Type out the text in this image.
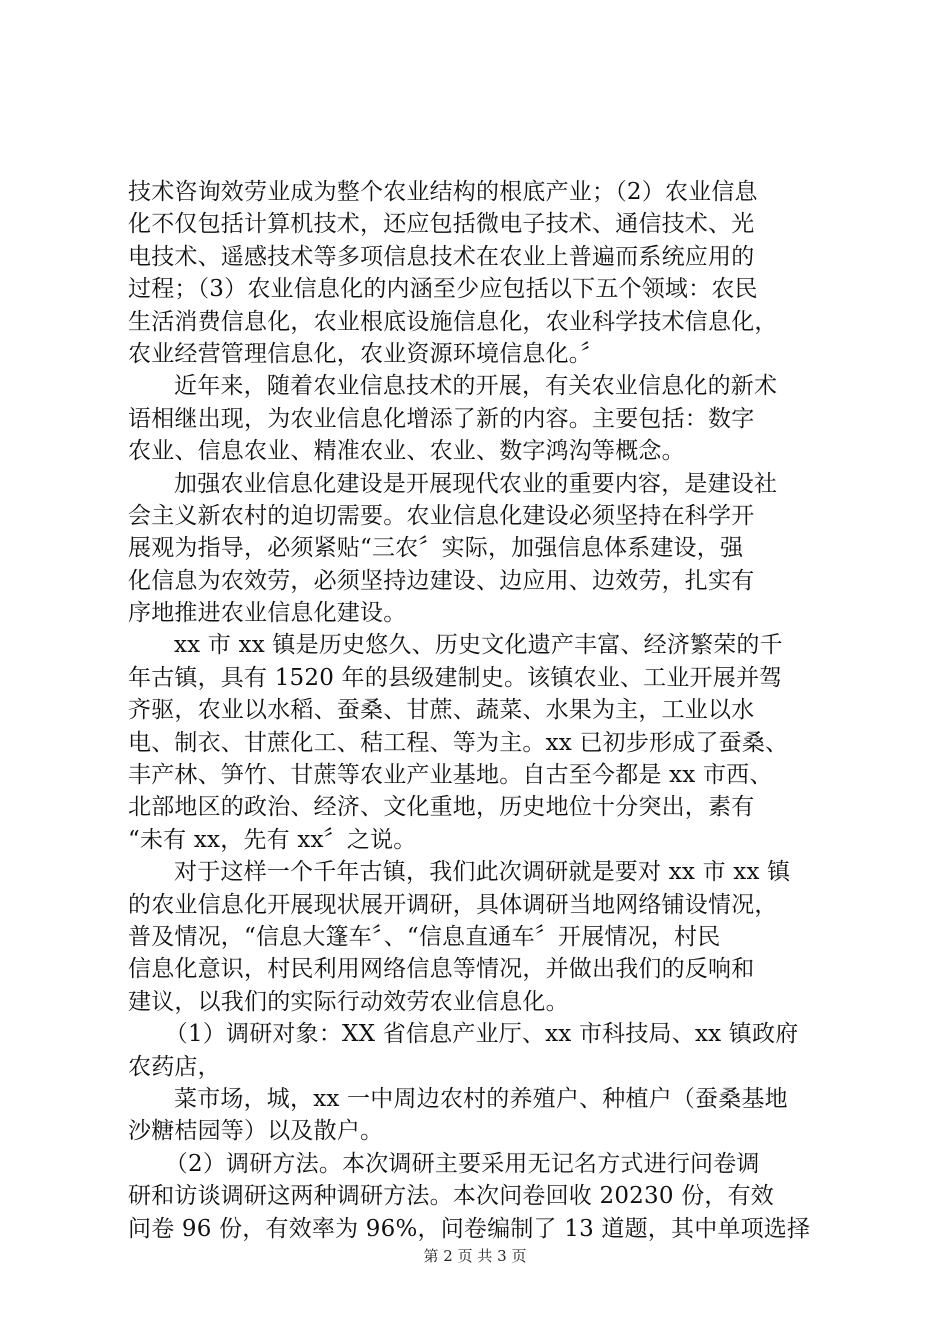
技术咨询效劳业成为整个农业结构的根底产业；（2）农业信息
化不仅包括计算机技术，还应包括微电子技术、通信技术、光
电技术、遥感技术等多项信息技术在农业上普遍而系统应用的
过程；（3）农业信息化的内涵至少应包括以下五个领域：农民
生活消费信息化，农业根底设施信息化，农业科学技术信息化，
农业经营管理信息化，农业资源环境信息化。〞
近年来，随着农业信息技术的开展，有关农业信息化的新术
语相继出现，为农业信息化增添了新的内容。主要包括：数字
农业、信息农业、精准农业、农业、数字鸿沟等概念。
加强农业信息化建设是开展现代农业的重要内容，是建设社
会主义新农村的迫切需要。农业信息化建设必须坚持在科学开
展观为指导，必须紧贴“三农〞实际，加强信息体系建设，强
化信息为农效劳，必须坚持边建设、边应用、边效劳，扎实有
序地推进农业信息化建设。
xx 市 xx 镇是历史悠久、历史文化遗产丰富、经济繁荣的千
年古镇，具有 1520 年的县级建制史。该镇农业、工业开展并驾
齐驱，农业以水稻、蚕桑、甘蔗、蔬菜、水果为主，工业以水
电、制衣、甘蔗化工、秸工程、等为主。xx 已初步形成了蚕桑、
丰产林、笋竹、甘蔗等农业产业基地。自古至今都是 xx 市西、
北部地区的政治、经济、文化重地，历史地位十分突出，素有
“未有 xx，先有 xx〞之说。
对于这样一个千年古镇，我们此次调研就是要对 xx 市 xx 镇
的农业信息化开展现状展开调研，具体调研当地网络铺设情况，
普及情况，“信息大篷车〞、“信息直通车〞开展情况，村民
信息化意识，村民利用网络信息等情况，并做出我们的反响和
建议，以我们的实际行动效劳农业信息化。
（1）调研对象：XX 省信息产业厅、xx 市科技局、xx 镇政府
农药店，
菜市场，城，xx 一中周边农村的养殖户、种植户（蚕桑基地
沙糖桔园等）以及散户。
（2）调研方法。本次调研主要采用无记名方式进行问卷调
研和访谈调研这两种调研方法。本次问卷回收 20230 份，有效
问卷 96 份，有效率为 96%，问卷编制了 13 道题，其中单项选择
第 2 页 共 3 页
